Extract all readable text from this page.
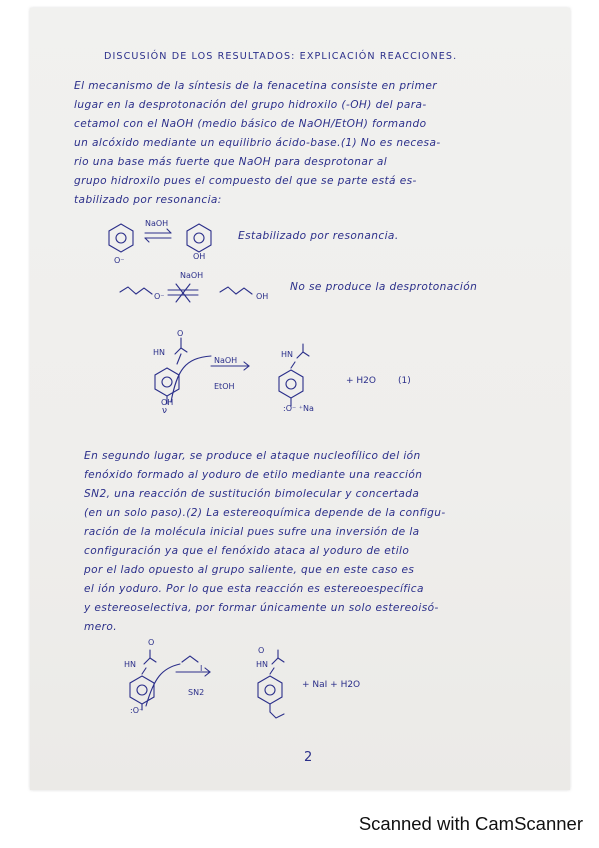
DISCUSIÓN DE LOS RESULTADOS: EXPLICACIÓN REACCIONES.
El mecanismo de la síntesis de la fenacetina consiste en primer
lugar en la desprotonación del grupo hidroxilo (-OH) del para-
cetamol con el NaOH (medio básico de NaOH/EtOH) formando
un alcóxido mediante un equilibrio ácido-base.(1) No es necesa-
rio una base más fuerte que NaOH para desprotonar al
grupo hidroxilo pues el compuesto del que se parte está es-
tabilizado por resonancia:
NaOH
O⁻	OH
Estabilizado por resonancia.
NaOH
O⁻	OH
No se produce la desprotonación
O
HN
NaOH
EtOH
OH
ν
HN
:O⁻ ⁺Na
+ H2O (1)
En segundo lugar, se produce el ataque nucleofílico del ión
fenóxido formado al yoduro de etilo mediante una reacción
SN2, una reacción de sustitución bimolecular y concertada
(en un solo paso).(2) La estereoquímica depende de la configu-
ración de la molécula inicial pues sufre una inversión de la
configuración ya que el fenóxido ataca al yoduro de etilo
por el lado opuesto al grupo saliente, que en este caso es
el ión yoduro. Por lo que esta reacción es estereoespecífica
y estereoselectiva, por formar únicamente un solo estereoisó-
mero.
O
HN	I
SN2
:O⁻
O
HN
+ NaI + H2O
2
Scanned with CamScanner
